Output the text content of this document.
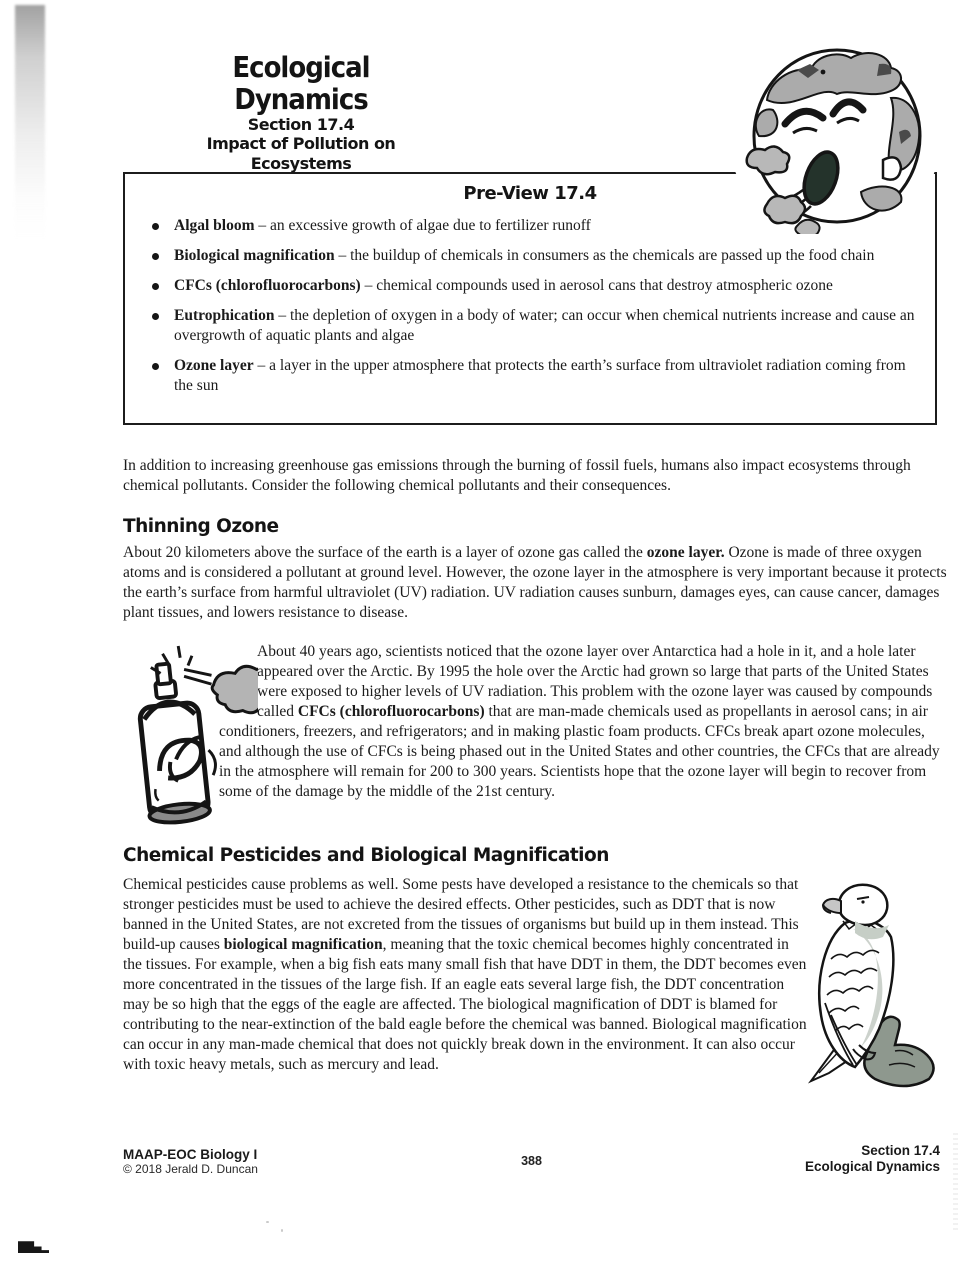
Ecological Dynamics
Section 17.4
Impact of Pollution on Ecosystems
Pre-View 17.4
Algal bloom – an excessive growth of algae due to fertilizer runoff
Biological magnification – the buildup of chemicals in consumers as the chemicals are passed up the food chain
CFCs (chlorofluorocarbons) – chemical compounds used in aerosol cans that destroy atmospheric ozone
Eutrophication – the depletion of oxygen in a body of water; can occur when chemical nutrients increase and cause an overgrowth of aquatic plants and algae
Ozone layer – a layer in the upper atmosphere that protects the earth’s surface from ultraviolet radiation coming from the sun

In addition to increasing greenhouse gas emissions through the burning of fossil fuels, humans also impact ecosystems through chemical pollutants. Consider the following chemical pollutants and their consequences.

Thinning Ozone

About 20 kilometers above the surface of the earth is a layer of ozone gas called the ozone layer. Ozone is made of three oxygen atoms and is considered a pollutant at ground level. However, the ozone layer in the atmosphere is very important because it protects the earth’s surface from harmful ultraviolet (UV) radiation. UV radiation causes sunburn, damages eyes, can cause cancer, damages plant tissues, and lowers resistance to disease.

About 40 years ago, scientists noticed that the ozone layer over Antarctica had a hole in it, and a hole later appeared over the Arctic. By 1995 the hole over the Arctic had grown so large that parts of the United States were exposed to higher levels of UV radiation. This problem with the ozone layer was caused by compounds called CFCs (chlorofluorocarbons) that are man-made chemicals used as propellants in aerosol cans; in air conditioners, freezers, and refrigerators; and in making plastic foam products. CFCs break apart ozone molecules, and although the use of CFCs is being phased out in the United States and other countries, the CFCs that are already in the atmosphere will remain for 200 to 300 years. Scientists hope that the ozone layer will begin to recover from some of the damage by the middle of the 21st century.

Chemical Pesticides and Biological Magnification

Chemical pesticides cause problems as well. Some pests have developed a resistance to the chemicals so that stronger pesticides must be used to achieve the desired effects. Other pesticides, such as DDT that is now banned in the United States, are not excreted from the tissues of organisms but build up in them instead. This build-up causes biological magnification, meaning that the toxic chemical becomes highly concentrated in the tissues. For example, when a big fish eats many small fish that have DDT in them, the DDT becomes even more concentrated in the tissues of the large fish. If an eagle eats several large fish, the DDT concentration may be so high that the eggs of the eagle are affected. The biological magnification of DDT is blamed for contributing to the near-extinction of the bald eagle before the chemical was banned. Biological magnification can occur in any man-made chemical that does not quickly break down in the environment. It can also occur with toxic heavy metals, such as mercury and lead.

MAAP-EOC Biology I
© 2018 Jerald D. Duncan
388
Section 17.4
Ecological Dynamics
